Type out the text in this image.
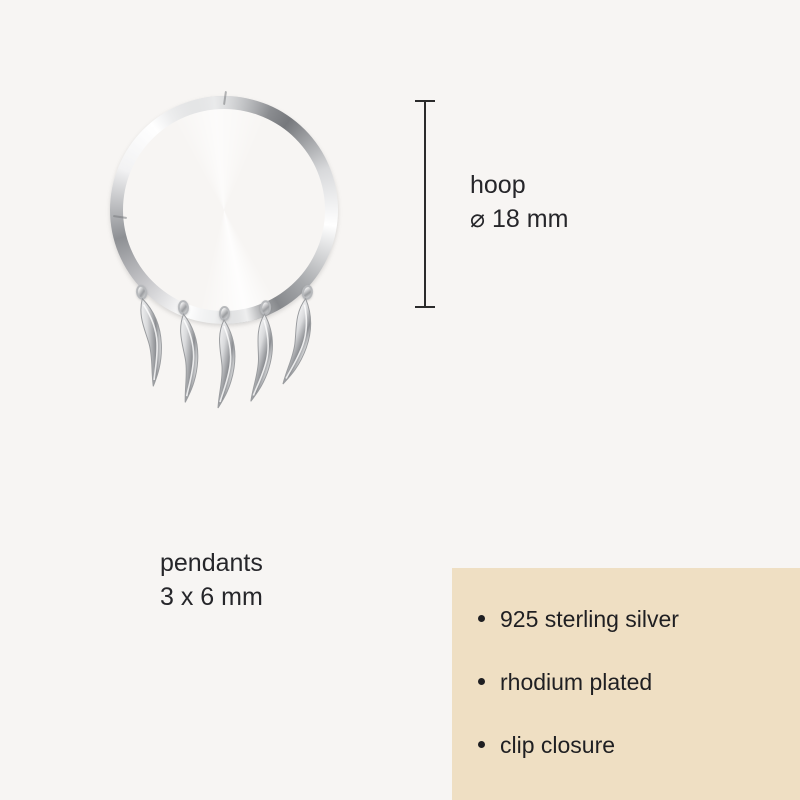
hoop
⌀ 18 mm
pendants
3 x 6 mm
925 sterling silver
rhodium plated
clip closure
